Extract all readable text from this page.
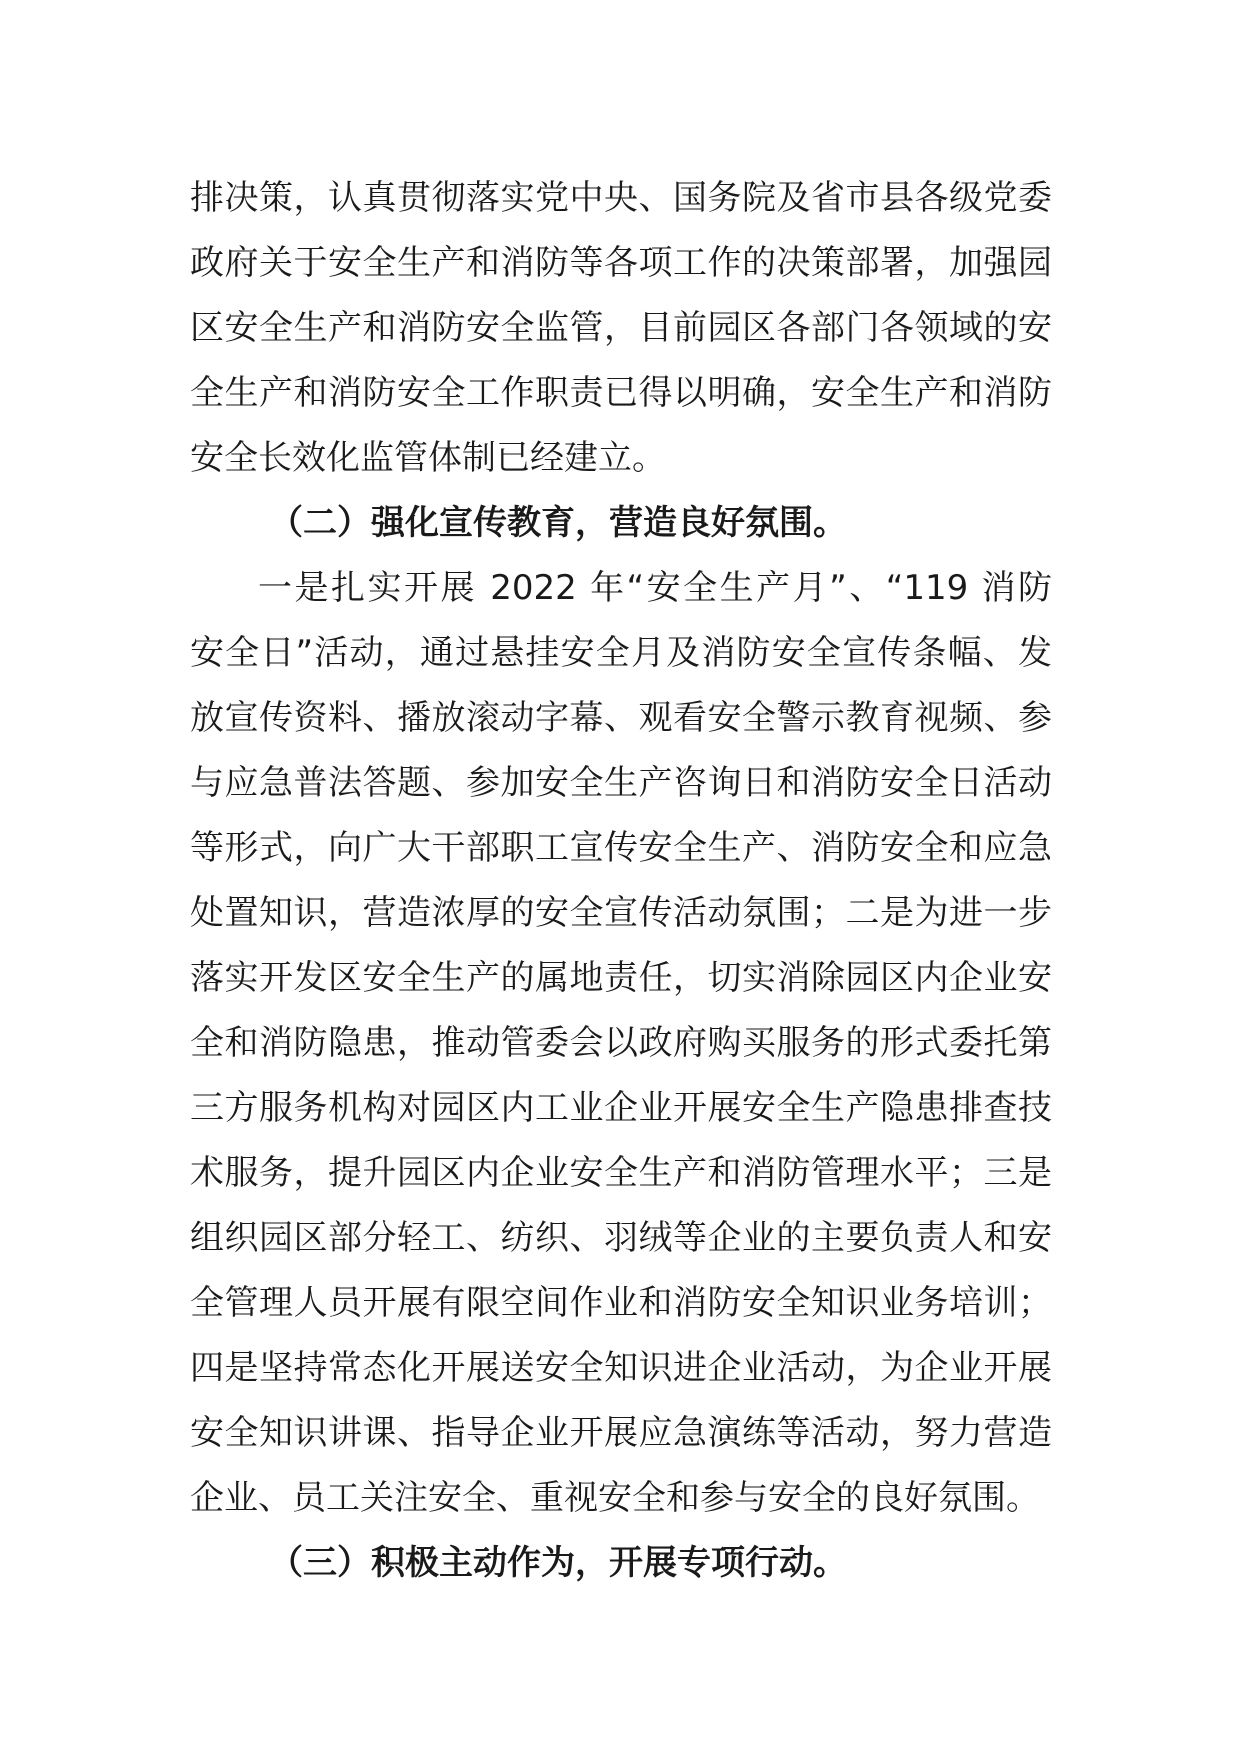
排决策，认真贯彻落实党中央、国务院及省市县各级党委
政府关于安全生产和消防等各项工作的决策部署，加强园
区安全生产和消防安全监管，目前园区各部门各领域的安
全生产和消防安全工作职责已得以明确，安全生产和消防
安全长效化监管体制已经建立。
（二）强化宣传教育，营造良好氛围。
一是扎实开展 2022 年“安全生产月”、“119 消防
安全日”活动，通过悬挂安全月及消防安全宣传条幅、发
放宣传资料、播放滚动字幕、观看安全警示教育视频、参
与应急普法答题、参加安全生产咨询日和消防安全日活动
等形式，向广大干部职工宣传安全生产、消防安全和应急
处置知识，营造浓厚的安全宣传活动氛围；二是为进一步
落实开发区安全生产的属地责任，切实消除园区内企业安
全和消防隐患，推动管委会以政府购买服务的形式委托第
三方服务机构对园区内工业企业开展安全生产隐患排查技
术服务，提升园区内企业安全生产和消防管理水平；三是
组织园区部分轻工、纺织、羽绒等企业的主要负责人和安
全管理人员开展有限空间作业和消防安全知识业务培训；
四是坚持常态化开展送安全知识进企业活动，为企业开展
安全知识讲课、指导企业开展应急演练等活动，努力营造
企业、员工关注安全、重视安全和参与安全的良好氛围。
（三）积极主动作为，开展专项行动。
